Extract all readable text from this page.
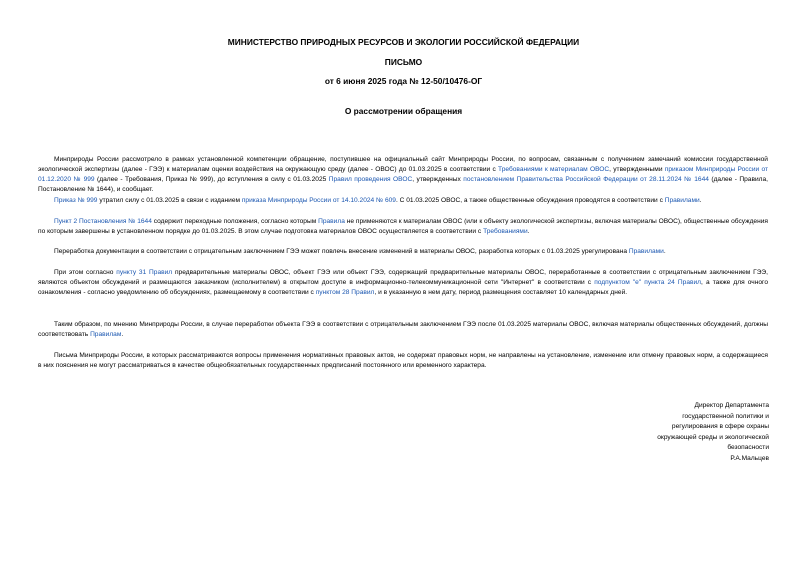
МИНИСТЕРСТВО ПРИРОДНЫХ РЕСУРСОВ И ЭКОЛОГИИ РОССИЙСКОЙ ФЕДЕРАЦИИ
ПИСЬМО
от 6 июня 2025 года № 12-50/10476-ОГ
О рассмотрении обращения

Минприроды России рассмотрело в рамках установленной компетенции обращение, поступившее на официальный сайт Минприроды России, по вопросам, связанным с получением замечаний комиссии государственной экологической экспертизы (далее - ГЭЭ) к материалам оценки воздействия на окружающую среду (далее - ОВОС) до 01.03.2025 в соответствии с Требованиями к материалам ОВОС, утвержденными приказом Минприроды России от 01.12.2020 № 999 (далее - Требования, Приказ № 999), до вступления в силу с 01.03.2025 Правил проведения ОВОС, утвержденных постановлением Правительства Российской Федерации от 28.11.2024 № 1644 (далее - Правила, Постановление № 1644), и сообщает.

Приказ № 999 утратил силу с 01.03.2025 в связи с изданием приказа Минприроды России от 14.10.2024 № 609. С 01.03.2025 ОВОС, а также общественные обсуждения проводятся в соответствии с Правилами.

Пункт 2 Постановления № 1644 содержит переходные положения, согласно которым Правила не применяются к материалам ОВОС (или к объекту экологической экспертизы, включая материалы ОВОС), общественные обсуждения по которым завершены в установленном порядке до 01.03.2025. В этом случае подготовка материалов ОВОС осуществляется в соответствии с Требованиями.

Переработка документации в соответствии с отрицательным заключением ГЭЭ может повлечь внесение изменений в материалы ОВОС, разработка которых с 01.03.2025 урегулирована Правилами.

При этом согласно пункту 31 Правил предварительные материалы ОВОС, объект ГЭЭ или объект ГЭЭ, содержащий предварительные материалы ОВОС, переработанные в соответствии с отрицательным заключением ГЭЭ, являются объектом обсуждений и размещаются заказчиком (исполнителем) в открытом доступе в информационно-телекоммуникационной сети "Интернет" в соответствии с подпунктом "е" пункта 24 Правил, а также для очного ознакомления - согласно уведомлению об обсуждениях, размещаемому в соответствии с пунктом 28 Правил, и в указанную в нем дату, период размещения составляет 10 календарных дней.

Таким образом, по мнению Минприроды России, в случае переработки объекта ГЭЭ в соответствии с отрицательным заключением ГЭЭ после 01.03.2025 материалы ОВОС, включая материалы общественных обсуждений, должны соответствовать Правилам.

Письма Минприроды России, в которых рассматриваются вопросы применения нормативных правовых актов, не содержат правовых норм, не направлены на установление, изменение или отмену правовых норм, а содержащиеся в них пояснения не могут рассматриваться в качестве общеобязательных государственных предписаний постоянного или временного характера.

Директор Департамента
государственной политики и
регулирования в сфере охраны
окружающей среды и экологической
безопасности
Р.А.Мальцев
